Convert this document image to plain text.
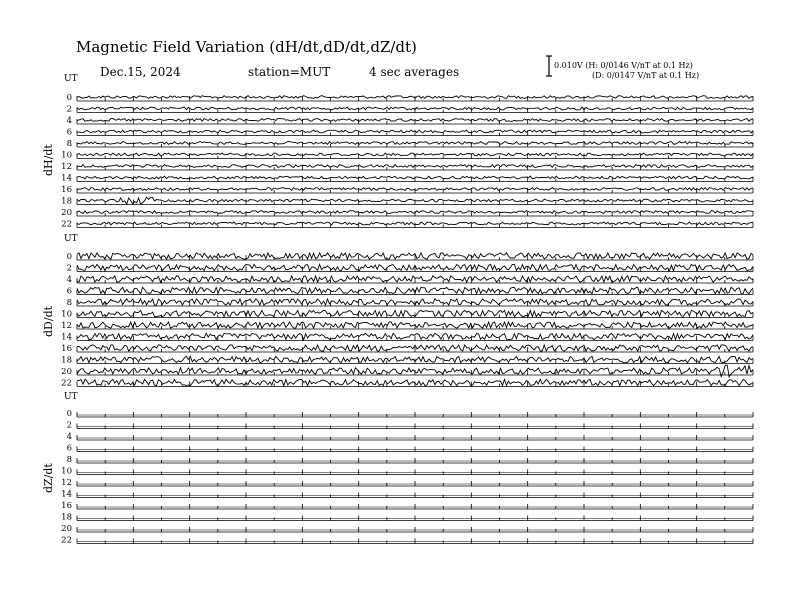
Magnetic Field Variation (dH/dt,dD/dt,dZ/dt)
Dec.15, 2024	station=MUT	4 sec averages	0.010V (H: 0/0146 V/nT at 0.1 Hz)
(D: 0/0147 V/nT at 0.1 Hz)
UT
UT
UT
dH/dt
dD/dt
dZ/dt
0
2
4
6
8
10
12
14
16
18
20
22
0
2
4
6
8
10
12
14
16
18
20
22
0
2
4
6
8
10
12
14
16
18
20
22
